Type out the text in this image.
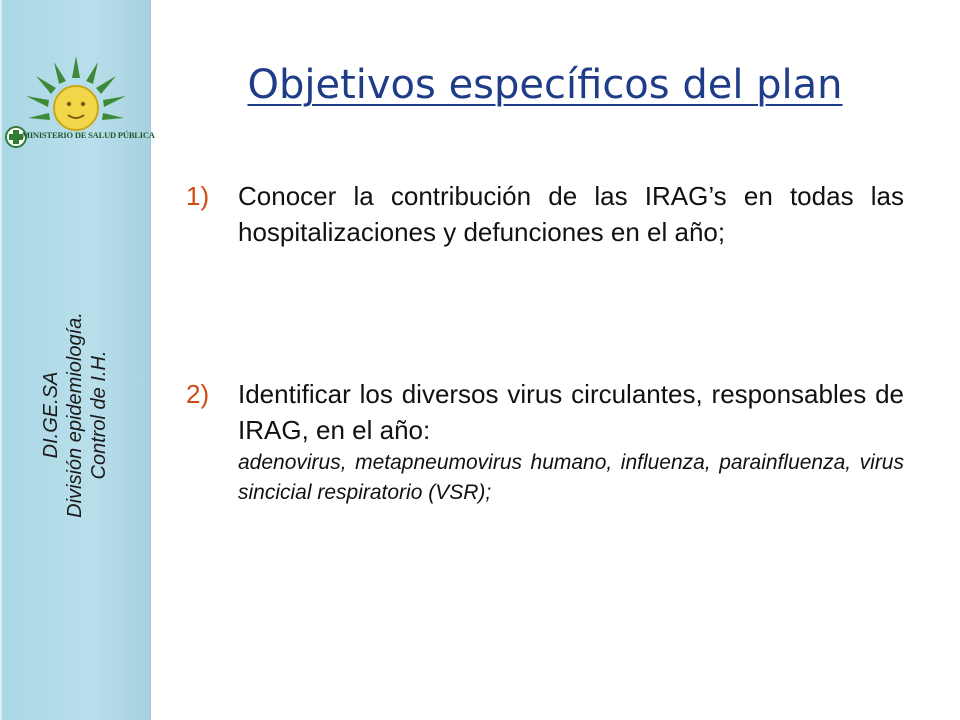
MINISTERIO DE SALUD PÚBLICA
DI.GE.SA División epidemiología. Control de I.H.
Objetivos específicos del plan
1) Conocer la contribución de las IRAG’s en todas las hospitalizaciones y defunciones en el año;
2) Identificar los diversos virus circulantes, responsables de IRAG, en el año:
adenovirus, metapneumovirus humano, influenza, parainfluenza, virus sincicial respiratorio (VSR);
